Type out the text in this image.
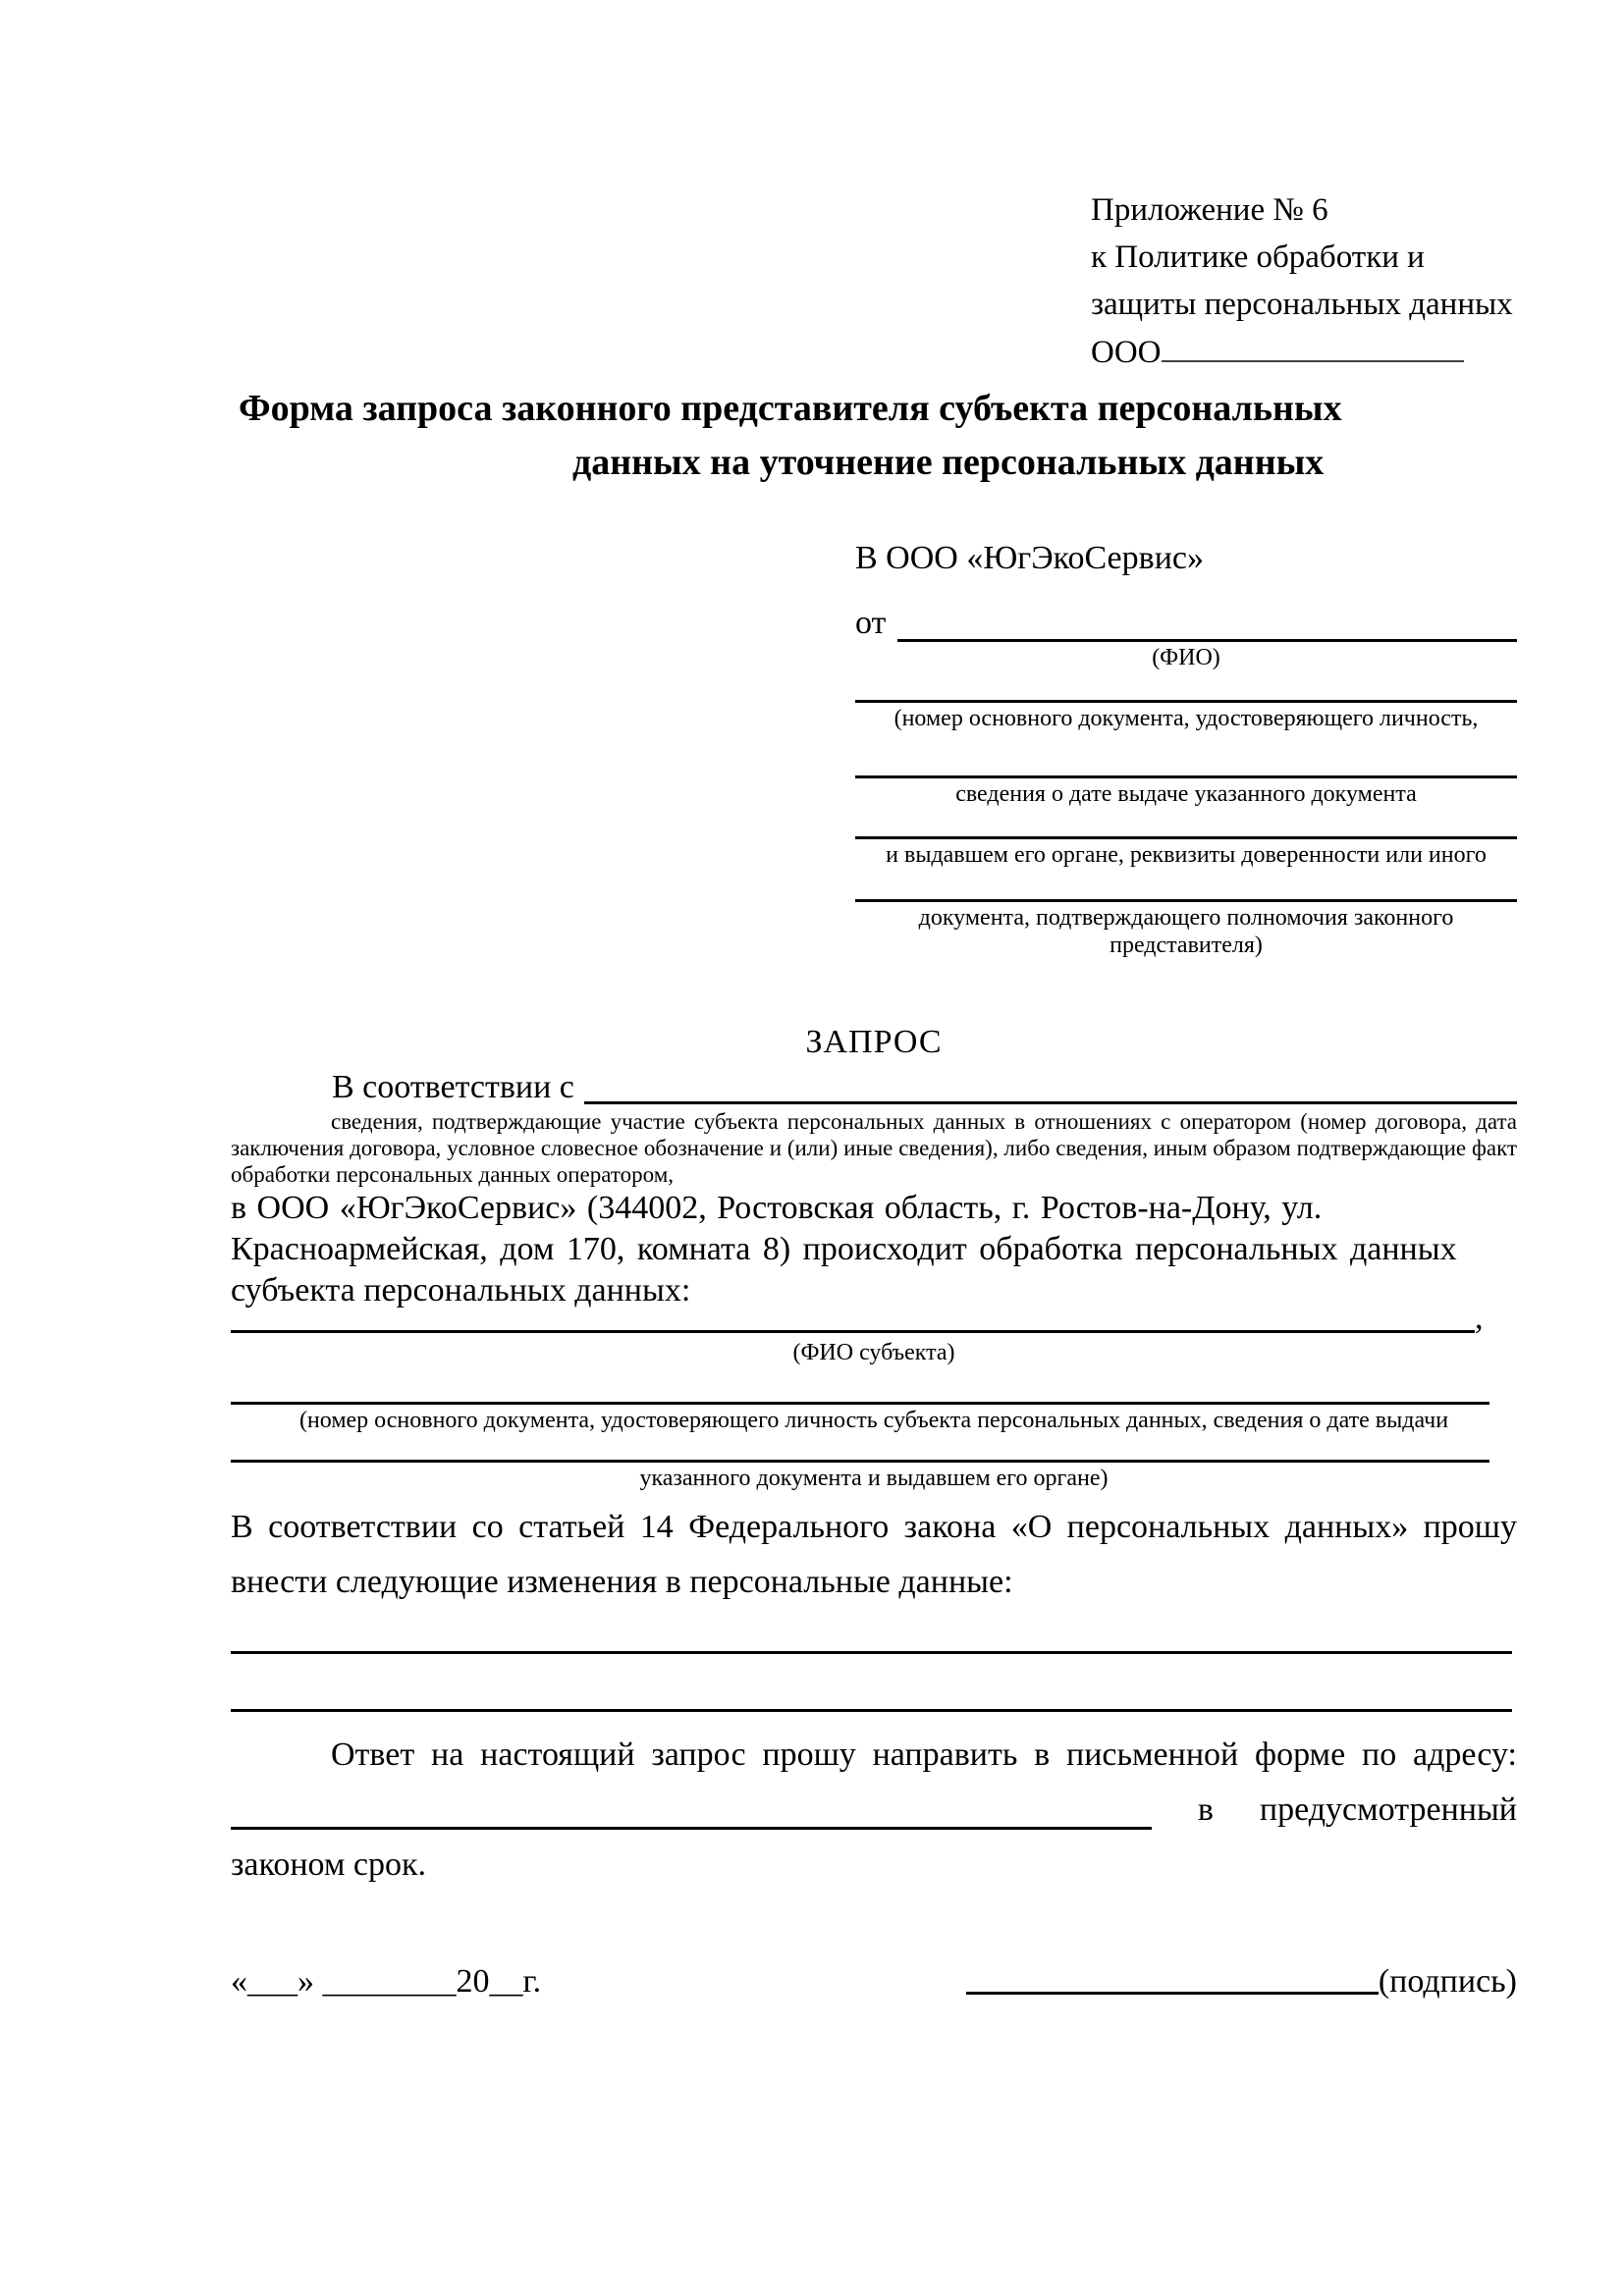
Приложение № 6
к Политике обработки и
защиты персональных данных
ООО
Форма запроса законного представителя субъекта персональных
данных на уточнение персональных данных
В ООО «ЮгЭкоСервис»
от
(ФИО)
(номер основного документа, удостоверяющего личность,
сведения о дате выдаче указанного документа
и выдавшем его органе, реквизиты доверенности или иного
документа, подтверждающего полномочия законного представителя)
ЗАПРОС
В соответствии с
сведения, подтверждающие участие субъекта персональных данных в отношениях с оператором (номер договора, дата
заключения договора, условное словесное обозначение и (или) иные сведения), либо сведения, иным образом подтверждающие факт
обработки персональных данных оператором,
в ООО «ЮгЭкоСервис» (344002, Ростовская область, г. Ростов-на-Дону, ул.
Красноармейская, дом 170, комната 8) происходит обработка персональных данных
субъекта персональных данных:
,
(ФИО субъекта)
(номер основного документа, удостоверяющего личность субъекта персональных данных, сведения о дате выдачи
указанного документа и выдавшем его органе)
В соответствии со статьей 14 Федерального закона «О персональных данных» прошу
внести следующие изменения в персональные данные:
Ответ на настоящий запрос прошу направить в письменной форме по адресу:
в предусмотренный
законом срок.
«___» ________20__г.	(подпись)
